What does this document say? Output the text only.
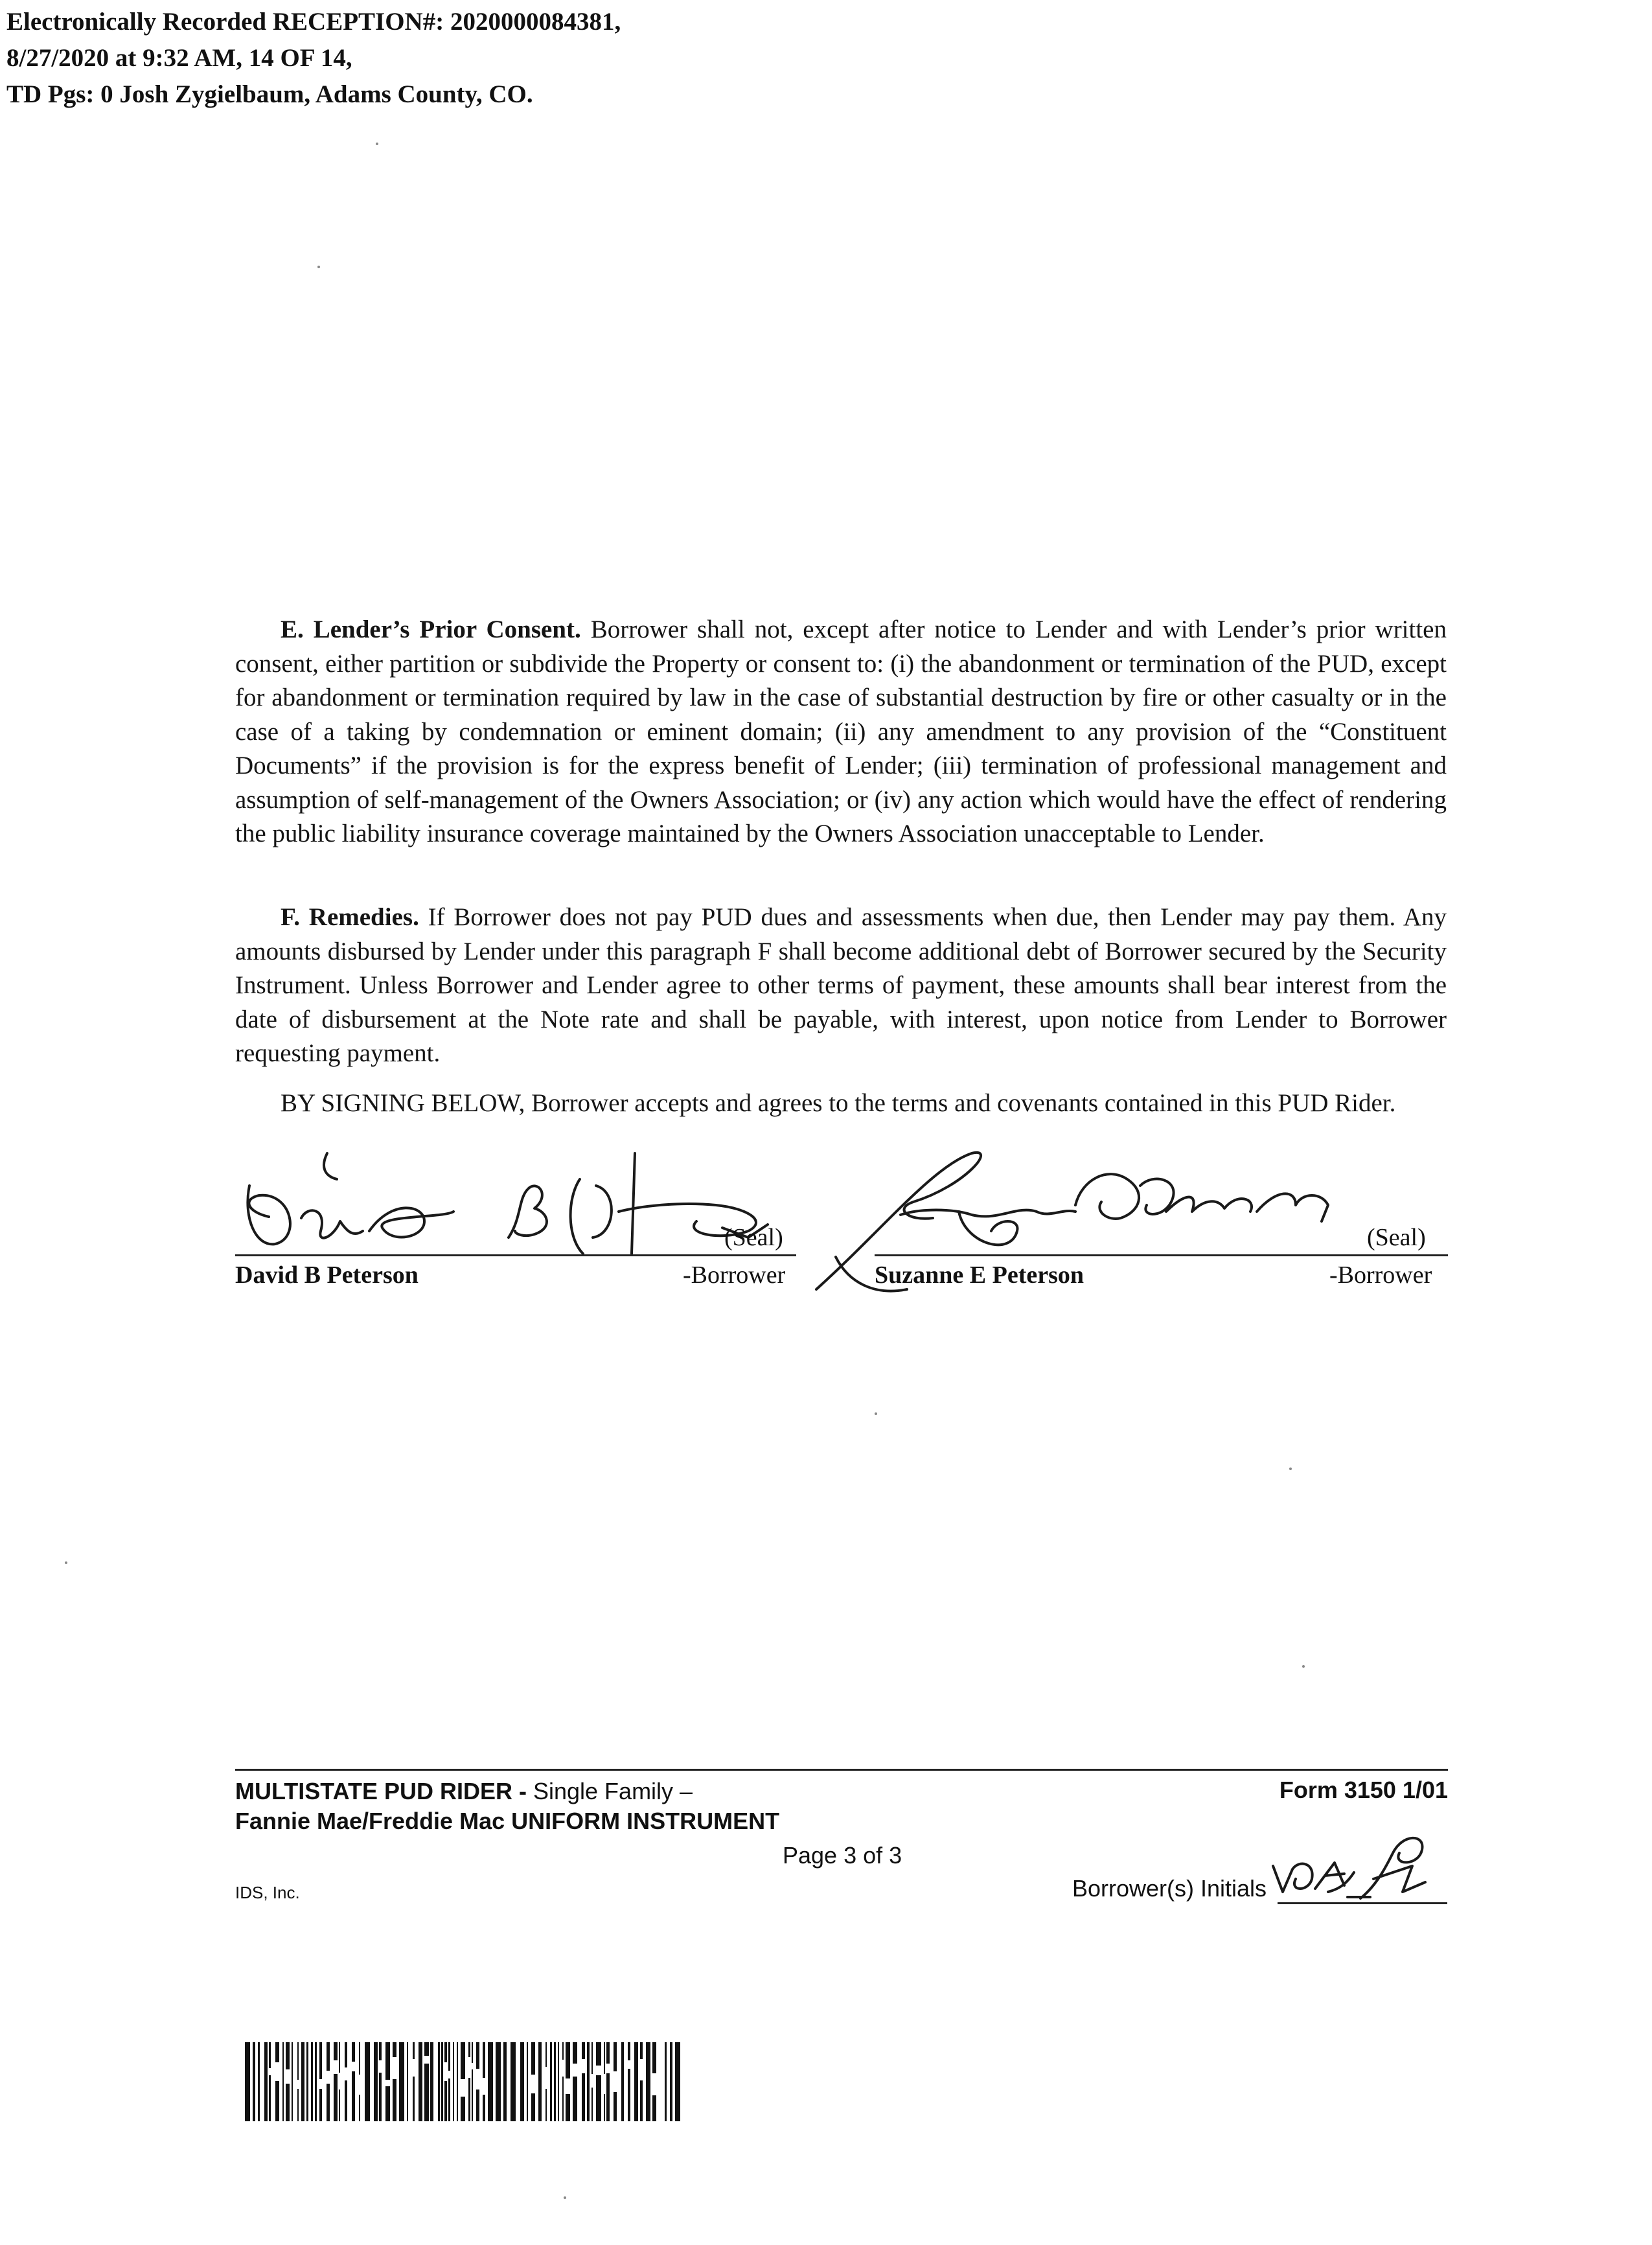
Electronically Recorded RECEPTION#: 2020000084381,
8/27/2020 at 9:32 AM, 14 OF 14,
TD Pgs: 0 Josh Zygielbaum, Adams County, CO.

E. Lender’s Prior Consent. Borrower shall not, except after notice to Lender and with Lender’s prior written consent, either partition or subdivide the Property or consent to: (i) the abandonment or termination of the PUD, except for abandonment or termination required by law in the case of substantial destruction by fire or other casualty or in the case of a taking by condemnation or eminent domain; (ii) any amendment to any provision of the “Constituent Documents” if the provision is for the express benefit of Lender; (iii) termination of professional management and assumption of self-management of the Owners Association; or (iv) any action which would have the effect of rendering the public liability insurance coverage maintained by the Owners Association unacceptable to Lender.

F. Remedies. If Borrower does not pay PUD dues and assessments when due, then Lender may pay them. Any amounts disbursed by Lender under this paragraph F shall become additional debt of Borrower secured by the Security Instrument. Unless Borrower and Lender agree to other terms of payment, these amounts shall bear interest from the date of disbursement at the Note rate and shall be payable, with interest, upon notice from Lender to Borrower requesting payment.

BY SIGNING BELOW, Borrower accepts and agrees to the terms and covenants contained in this PUD Rider.

(Seal)
David B Peterson	-Borrower
(Seal)
Suzanne E Peterson	-Borrower
MULTISTATE PUD RIDER - Single Family –
Fannie Mae/Freddie Mac UNIFORM INSTRUMENT
Form 3150 1/01
Page 3 of 3
IDS, Inc.	Borrower(s) Initials
